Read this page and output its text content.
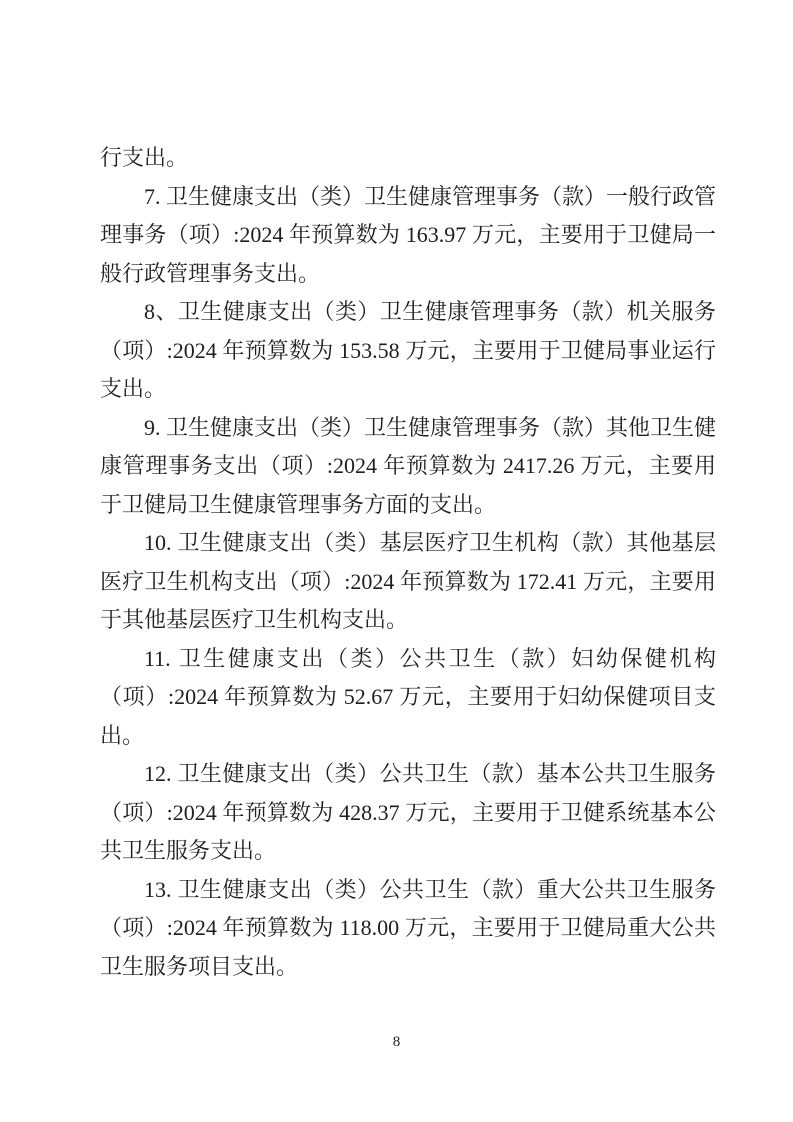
行支出。

7. 卫生健康支出（类）卫生健康管理事务（款）一般行政管理事务（项）:2024 年预算数为 163.97 万元，主要用于卫健局一般行政管理事务支出。

8、卫生健康支出（类）卫生健康管理事务（款）机关服务（项）:2024 年预算数为 153.58 万元，主要用于卫健局事业运行支出。

9. 卫生健康支出（类）卫生健康管理事务（款）其他卫生健康管理事务支出（项）:2024 年预算数为 2417.26 万元，主要用于卫健局卫生健康管理事务方面的支出。

10. 卫生健康支出（类）基层医疗卫生机构（款）其他基层医疗卫生机构支出（项）:2024 年预算数为 172.41 万元，主要用于其他基层医疗卫生机构支出。

11. 卫生健康支出（类）公共卫生（款）妇幼保健机构（项）:2024 年预算数为 52.67 万元，主要用于妇幼保健项目支出。

12. 卫生健康支出（类）公共卫生（款）基本公共卫生服务（项）:2024 年预算数为 428.37 万元，主要用于卫健系统基本公共卫生服务支出。

13. 卫生健康支出（类）公共卫生（款）重大公共卫生服务（项）:2024 年预算数为 118.00 万元，主要用于卫健局重大公共卫生服务项目支出。

8
